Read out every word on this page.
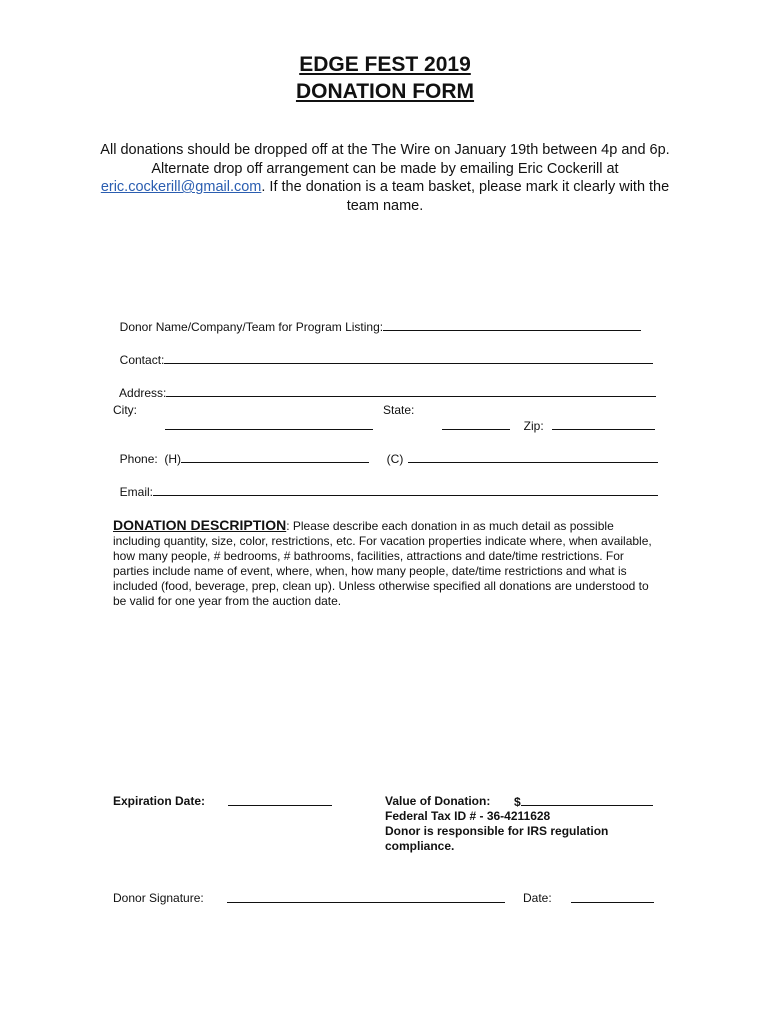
EDGE FEST 2019
DONATION FORM
All donations should be dropped off at the The Wire on January 19th between 4p and 6p. Alternate drop off arrangement can be made by emailing Eric Cockerill at eric.cockerill@gmail.com. If the donation is a team basket, please mark it clearly with the team name.

Donor Name/Company/Team for Program Listing:

Contact:

Address:

City:

	State:

Zip:

Phone:  (H)	(C)

Email:

DONATION DESCRIPTION: Please describe each donation in as much detail as possible including quantity, size, color, restrictions, etc. For vacation properties indicate where, when available, how many people, # bedrooms, # bathrooms, facilities, attractions and date/time restrictions. For parties include name of event, where, when, how many people, date/time restrictions and what is included (food, beverage, prep, clean up). Unless otherwise specified all donations are understood to be valid for one year from the auction date.
Expiration Date:	Value of Donation: $
Federal Tax ID # - 36-4211628
Donor is responsible for IRS regulation compliance.
Donor Signature:	Date:
